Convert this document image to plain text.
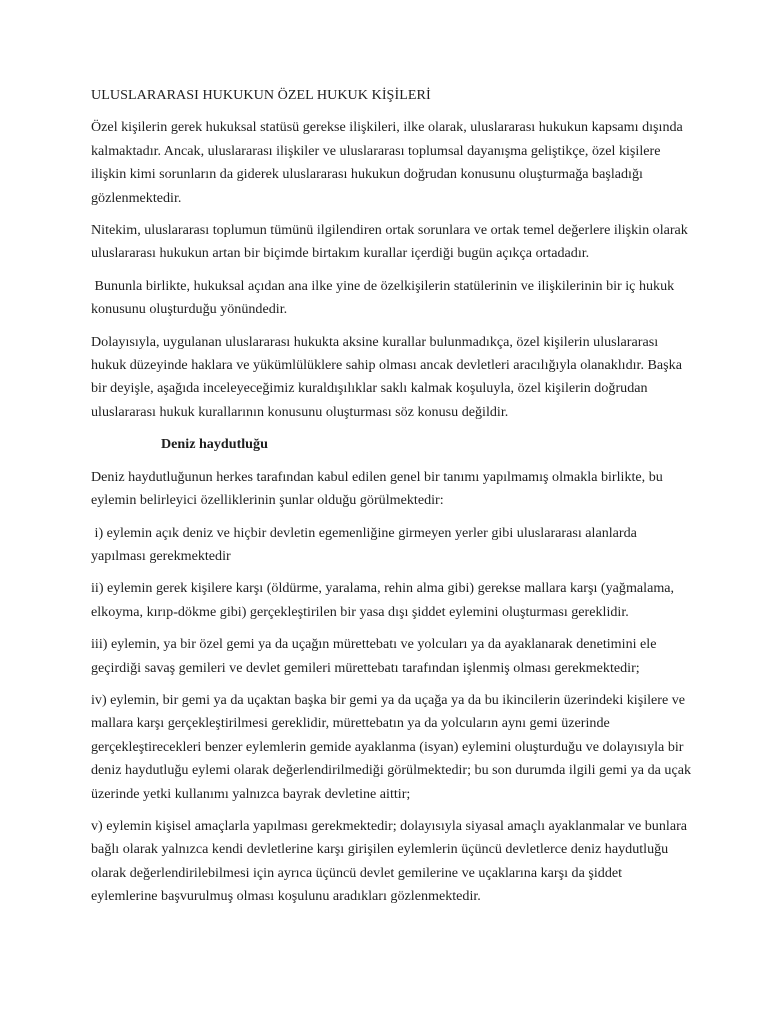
ULUSLARARASI HUKUKUN ÖZEL HUKUK KİŞİLERİ

Özel kişilerin gerek hukuksal statüsü gerekse ilişkileri, ilke olarak, uluslararası hukukun kapsamı dışında kalmaktadır. Ancak, uluslararası ilişkiler ve uluslararası toplumsal dayanışma geliştikçe, özel kişilere ilişkin kimi sorunların da giderek uluslararası hukukun doğrudan konusunu oluşturmağa başladığı gözlenmektedir.

Nitekim, uluslararası toplumun tümünü ilgilendiren ortak sorunlara ve ortak temel değerlere ilişkin olarak uluslararası hukukun artan bir biçimde birtakım kurallar içerdiği bugün açıkça ortadadır.

Bununla birlikte, hukuksal açıdan ana ilke yine de özelkişilerin statülerinin ve ilişkilerinin bir iç hukuk konusunu oluşturduğu yönündedir.

Dolayısıyla, uygulanan uluslararası hukukta aksine kurallar bulunmadıkça, özel kişilerin uluslararası hukuk düzeyinde haklara ve yükümlülüklere sahip olması ancak devletleri aracılığıyla olanaklıdır. Başka bir deyişle, aşağıda inceleyeceğimiz kuraldışılıklar saklı kalmak koşuluyla, özel kişilerin doğrudan uluslararası hukuk kurallarının konusunu oluşturması söz konusu değildir.

Deniz haydutluğu

Deniz haydutluğunun herkes tarafından kabul edilen genel bir tanımı yapılmamış olmakla birlikte, bu eylemin belirleyici özelliklerinin şunlar olduğu görülmektedir:

i) eylemin açık deniz ve hiçbir devletin egemenliğine girmeyen yerler gibi uluslararası alanlarda yapılması gerekmektedir

ii) eylemin gerek kişilere karşı (öldürme, yaralama, rehin alma gibi) gerekse mallara karşı (yağmalama, elkoyma, kırıp-dökme gibi) gerçekleştirilen bir yasa dışı şiddet eylemini oluşturması gereklidir.

iii) eylemin, ya bir özel gemi ya da uçağın mürettebatı ve yolcuları ya da ayaklanarak denetimini ele geçirdiği savaş gemileri ve devlet gemileri mürettebatı tarafından işlenmiş olması gerekmektedir;

iv) eylemin, bir gemi ya da uçaktan başka bir gemi ya da uçağa ya da bu ikincilerin üzerindeki kişilere ve mallara karşı gerçekleştirilmesi gereklidir, mürettebatın ya da yolcuların aynı gemi üzerinde gerçekleştirecekleri benzer eylemlerin gemide ayaklanma (isyan) eylemini oluşturduğu ve dolayısıyla bir deniz haydutluğu eylemi olarak değerlendirilmediği görülmektedir; bu son durumda ilgili gemi ya da uçak üzerinde yetki kullanımı yalnızca bayrak devletine aittir;

v) eylemin kişisel amaçlarla yapılması gerekmektedir; dolayısıyla siyasal amaçlı ayaklanmalar ve bunlara bağlı olarak yalnızca kendi devletlerine karşı girişilen eylemlerin üçüncü devletlerce deniz haydutluğu olarak değerlendirilebilmesi için ayrıca üçüncü devlet gemilerine ve uçaklarına karşı da şiddet eylemlerine başvurulmuş olması koşulunu aradıkları gözlenmektedir.
